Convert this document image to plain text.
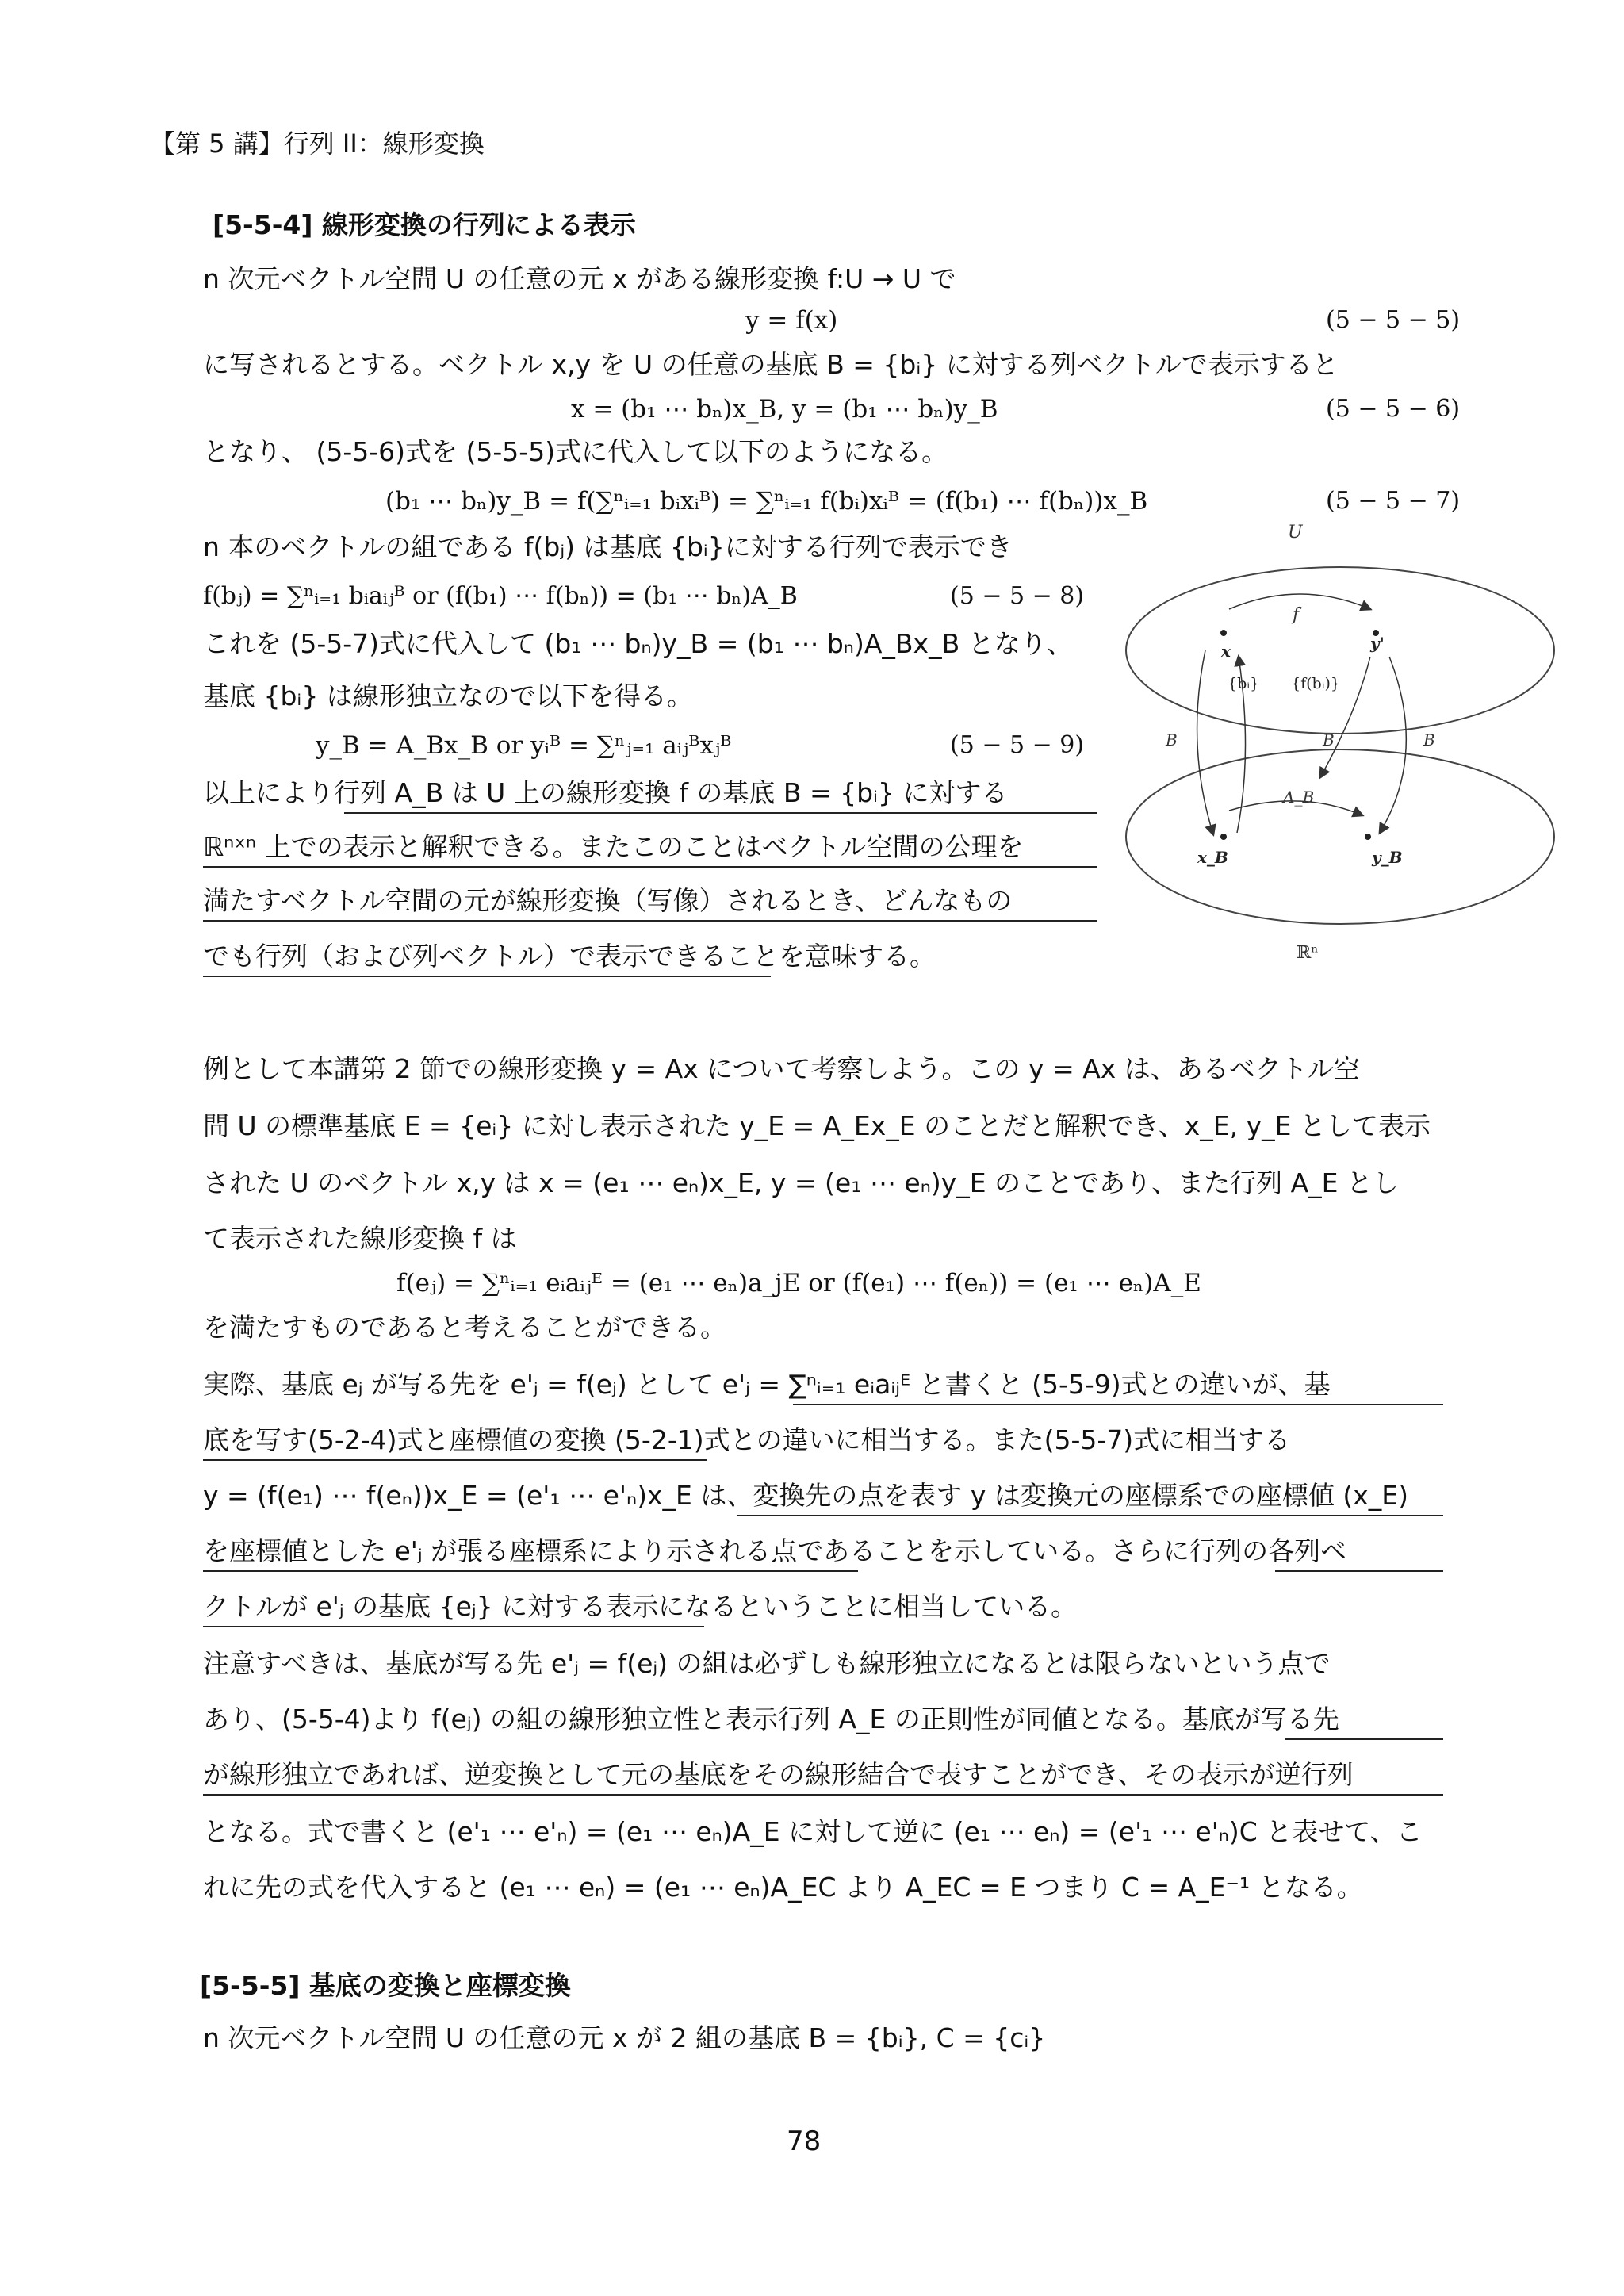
【第 5 講】行列 II：線形変換
[5-5-4] 線形変換の行列による表示
n 次元ベクトル空間 U の任意の元 x がある線形変換 f:U → U で
y = f(x)	(5 − 5 − 5)
に写されるとする。ベクトル x,y を U の任意の基底 B = {bᵢ} に対する列ベクトルで表示すると
x = (b₁ ⋯ bₙ)x_B, y = (b₁ ⋯ bₙ)y_B	(5 − 5 − 6)
となり、 (5-5-6)式を (5-5-5)式に代入して以下のようになる。
(b₁ ⋯ bₙ)y_B = f(∑ⁿᵢ₌₁ bᵢxᵢᴮ) = ∑ⁿᵢ₌₁ f(bᵢ)xᵢᴮ = (f(b₁) ⋯ f(bₙ))x_B	(5 − 5 − 7)
n 本のベクトルの組である f(bⱼ) は基底 {bᵢ}に対する行列で表示でき
f(bⱼ) = ∑ⁿᵢ₌₁ bᵢaᵢⱼᴮ or (f(b₁) ⋯ f(bₙ)) = (b₁ ⋯ bₙ)A_B	(5 − 5 − 8)
これを (5-5-7)式に代入して (b₁ ⋯ bₙ)y_B = (b₁ ⋯ bₙ)A_Bx_B となり、
基底 {bᵢ} は線形独立なので以下を得る。
y_B = A_Bx_B or yᵢᴮ = ∑ⁿⱼ₌₁ aᵢⱼᴮxⱼᴮ	(5 − 5 − 9)
以上により行列 A_B は U 上の線形変換 f の基底 B = {bᵢ} に対する
ℝⁿˣⁿ 上での表示と解釈できる。またこのことはベクトル空間の公理を
満たすベクトル空間の元が線形変換（写像）されるとき、どんなもの
でも行列（および列ベクトル）で表示できることを意味する。
U
ℝⁿ
f
x	y'
{bᵢ} {f(bᵢ)}
A_B
x_B	y_B
B	B	B
例として本講第 2 節での線形変換 y = Ax について考察しよう。この y = Ax は、あるベクトル空
間 U の標準基底 E = {eᵢ} に対し表示された y_E = A_Ex_E のことだと解釈でき、x_E, y_E として表示
された U のベクトル x,y は x = (e₁ ⋯ eₙ)x_E, y = (e₁ ⋯ eₙ)y_E のことであり、また行列 A_E とし
て表示された線形変換 f は
f(eⱼ) = ∑ⁿᵢ₌₁ eᵢaᵢⱼᴱ = (e₁ ⋯ eₙ)a_jE or (f(e₁) ⋯ f(eₙ)) = (e₁ ⋯ eₙ)A_E
を満たすものであると考えることができる。
実際、基底 eⱼ が写る先を e'ⱼ = f(eⱼ) として e'ⱼ = ∑ⁿᵢ₌₁ eᵢaᵢⱼᴱ と書くと (5-5-9)式との違いが、基
底を写す(5-2-4)式と座標値の変換 (5-2-1)式との違いに相当する。また(5-5-7)式に相当する
y = (f(e₁) ⋯ f(eₙ))x_E = (e'₁ ⋯ e'ₙ)x_E は、変換先の点を表す y は変換元の座標系での座標値 (x_E)
を座標値とした e'ⱼ が張る座標系により示される点であることを示している。さらに行列の各列ベ
クトルが e'ⱼ の基底 {eⱼ} に対する表示になるということに相当している。
注意すべきは、基底が写る先 e'ⱼ = f(eⱼ) の組は必ずしも線形独立になるとは限らないという点で
あり、(5-5-4)より f(eⱼ) の組の線形独立性と表示行列 A_E の正則性が同値となる。基底が写る先
が線形独立であれば、逆変換として元の基底をその線形結合で表すことができ、その表示が逆行列
となる。式で書くと (e'₁ ⋯ e'ₙ) = (e₁ ⋯ eₙ)A_E に対して逆に (e₁ ⋯ eₙ) = (e'₁ ⋯ e'ₙ)C と表せて、こ
れに先の式を代入すると (e₁ ⋯ eₙ) = (e₁ ⋯ eₙ)A_EC より A_EC = E つまり C = A_E⁻¹ となる。
[5-5-5] 基底の変換と座標変換
n 次元ベクトル空間 U の任意の元 x が 2 組の基底 B = {bᵢ}, C = {cᵢ}
78
